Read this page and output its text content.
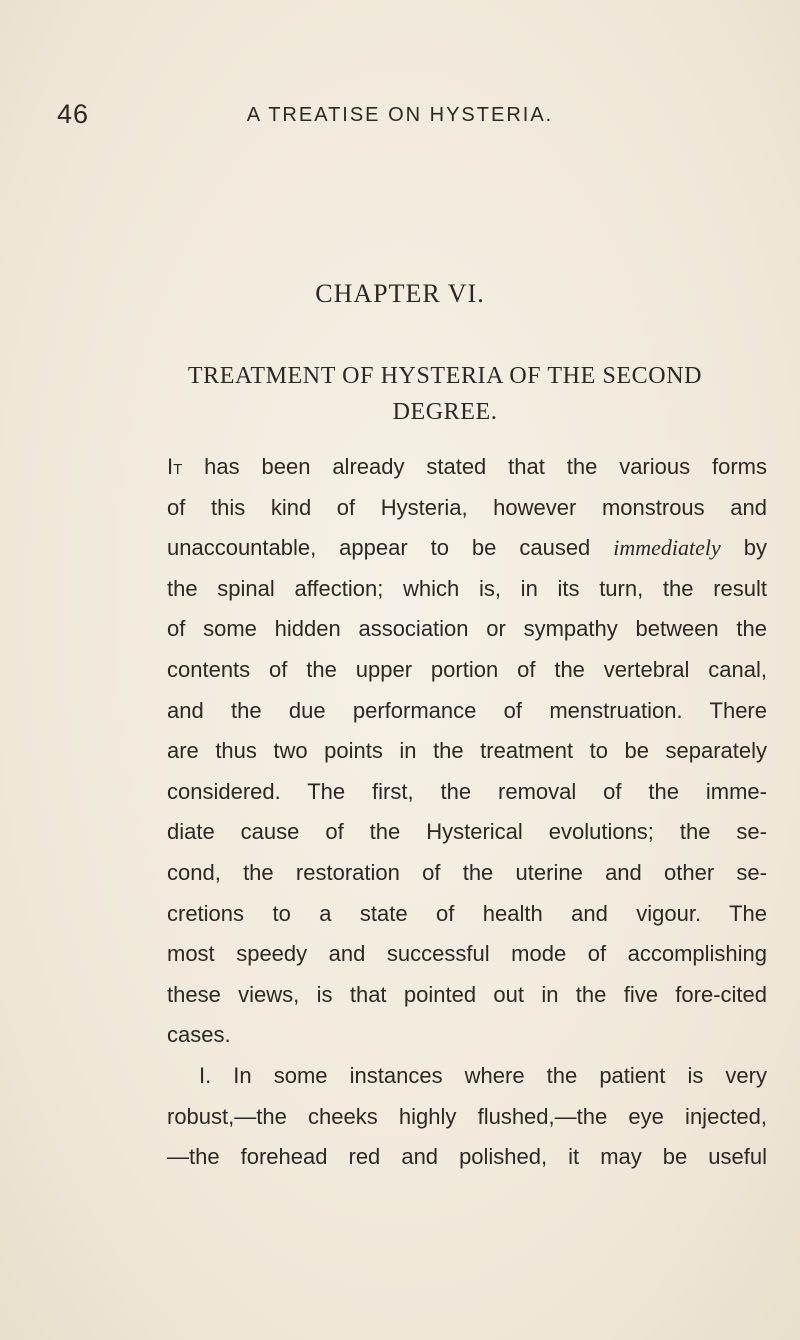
46	A TREATISE ON HYSTERIA.
CHAPTER VI.
TREATMENT OF HYSTERIA OF THE SECOND
DEGREE.
It has been already stated that the various forms
of this kind of Hysteria, however monstrous and
unaccountable, appear to be caused immediately by
the spinal affection; which is, in its turn, the result
of some hidden association or sympathy between the
contents of the upper portion of the vertebral canal,
and the due performance of menstruation. There
are thus two points in the treatment to be separately
considered. The first, the removal of the imme-
diate cause of the Hysterical evolutions; the se-
cond, the restoration of the uterine and other se-
cretions to a state of health and vigour. The
most speedy and successful mode of accomplishing
these views, is that pointed out in the five fore-cited
cases.
I. In some instances where the patient is very
robust,—the cheeks highly flushed,—the eye injected,
—the forehead red and polished, it may be useful
